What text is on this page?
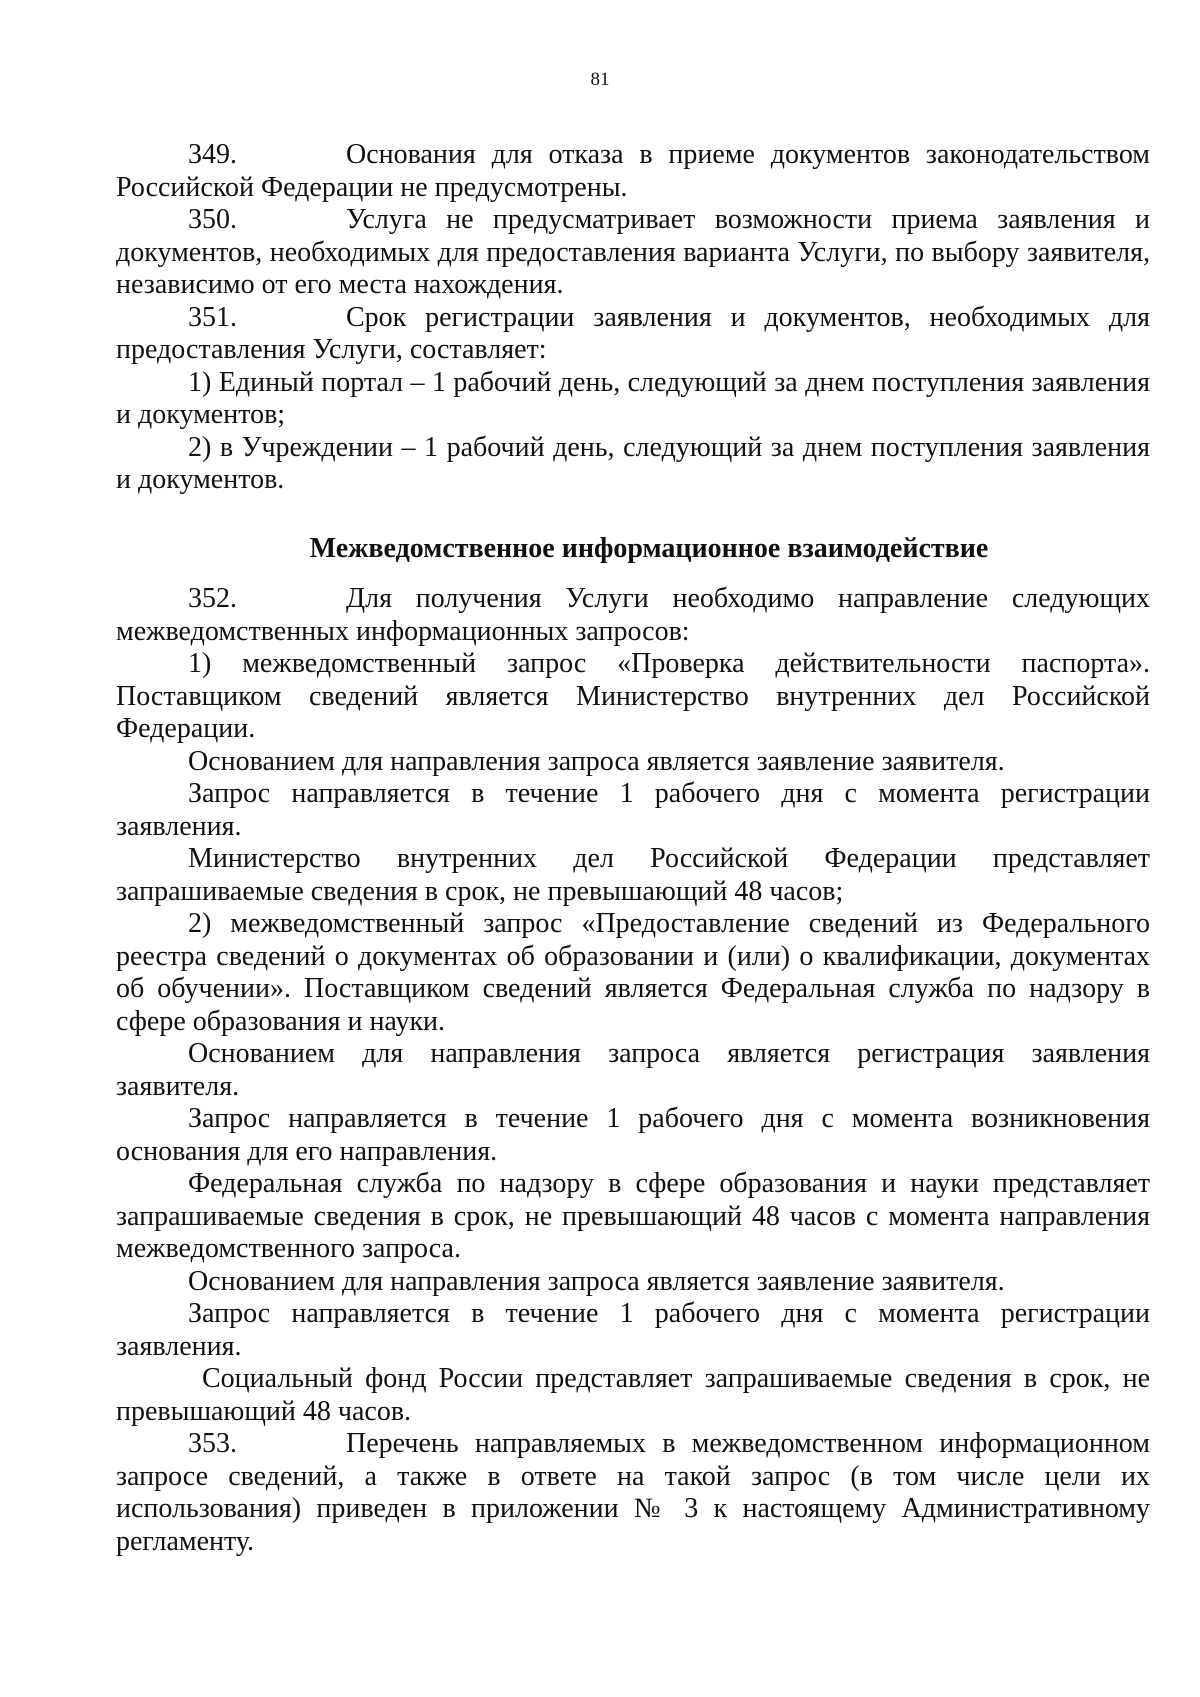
81

349.	Основания для отказа в приеме документов законодательством Российской Федерации не предусмотрены.

350.	Услуга не предусматривает возможности приема заявления и документов, необходимых для предоставления варианта Услуги, по выбору заявителя, независимо от его места нахождения.

351.	Срок регистрации заявления и документов, необходимых для предоставления Услуги, составляет:

1) Единый портал – 1 рабочий день, следующий за днем поступления заявления и документов;

2) в Учреждении – 1 рабочий день, следующий за днем поступления заявления и документов.

Межведомственное информационное взаимодействие

352.	Для получения Услуги необходимо направление следующих межведомственных информационных запросов:

1) межведомственный запрос «Проверка действительности паспорта». Поставщиком сведений является Министерство внутренних дел Российской Федерации.

Основанием для направления запроса является заявление заявителя.

Запрос направляется в течение 1 рабочего дня с момента регистрации заявления.

Министерство внутренних дел Российской Федерации представляет запрашиваемые сведения в срок, не превышающий 48 часов;

2) межведомственный запрос «Предоставление сведений из Федерального реестра сведений о документах об образовании и (или) о квалификации, документах об обучении». Поставщиком сведений является Федеральная служба по надзору в сфере образования и науки.

Основанием для направления запроса является регистрация заявления заявителя.

Запрос направляется в течение 1 рабочего дня с момента возникновения основания для его направления.

Федеральная служба по надзору в сфере образования и науки представляет запрашиваемые сведения в срок, не превышающий 48 часов с момента направления межведомственного запроса.

Основанием для направления запроса является заявление заявителя.

Запрос направляется в течение 1 рабочего дня с момента регистрации заявления.

Социальный фонд России представляет запрашиваемые сведения в срок, не превышающий 48 часов.

353.	Перечень направляемых в межведомственном информационном запросе сведений, а также в ответе на такой запрос (в том числе цели их использования) приведен в приложении № 3 к настоящему Административному регламенту.
